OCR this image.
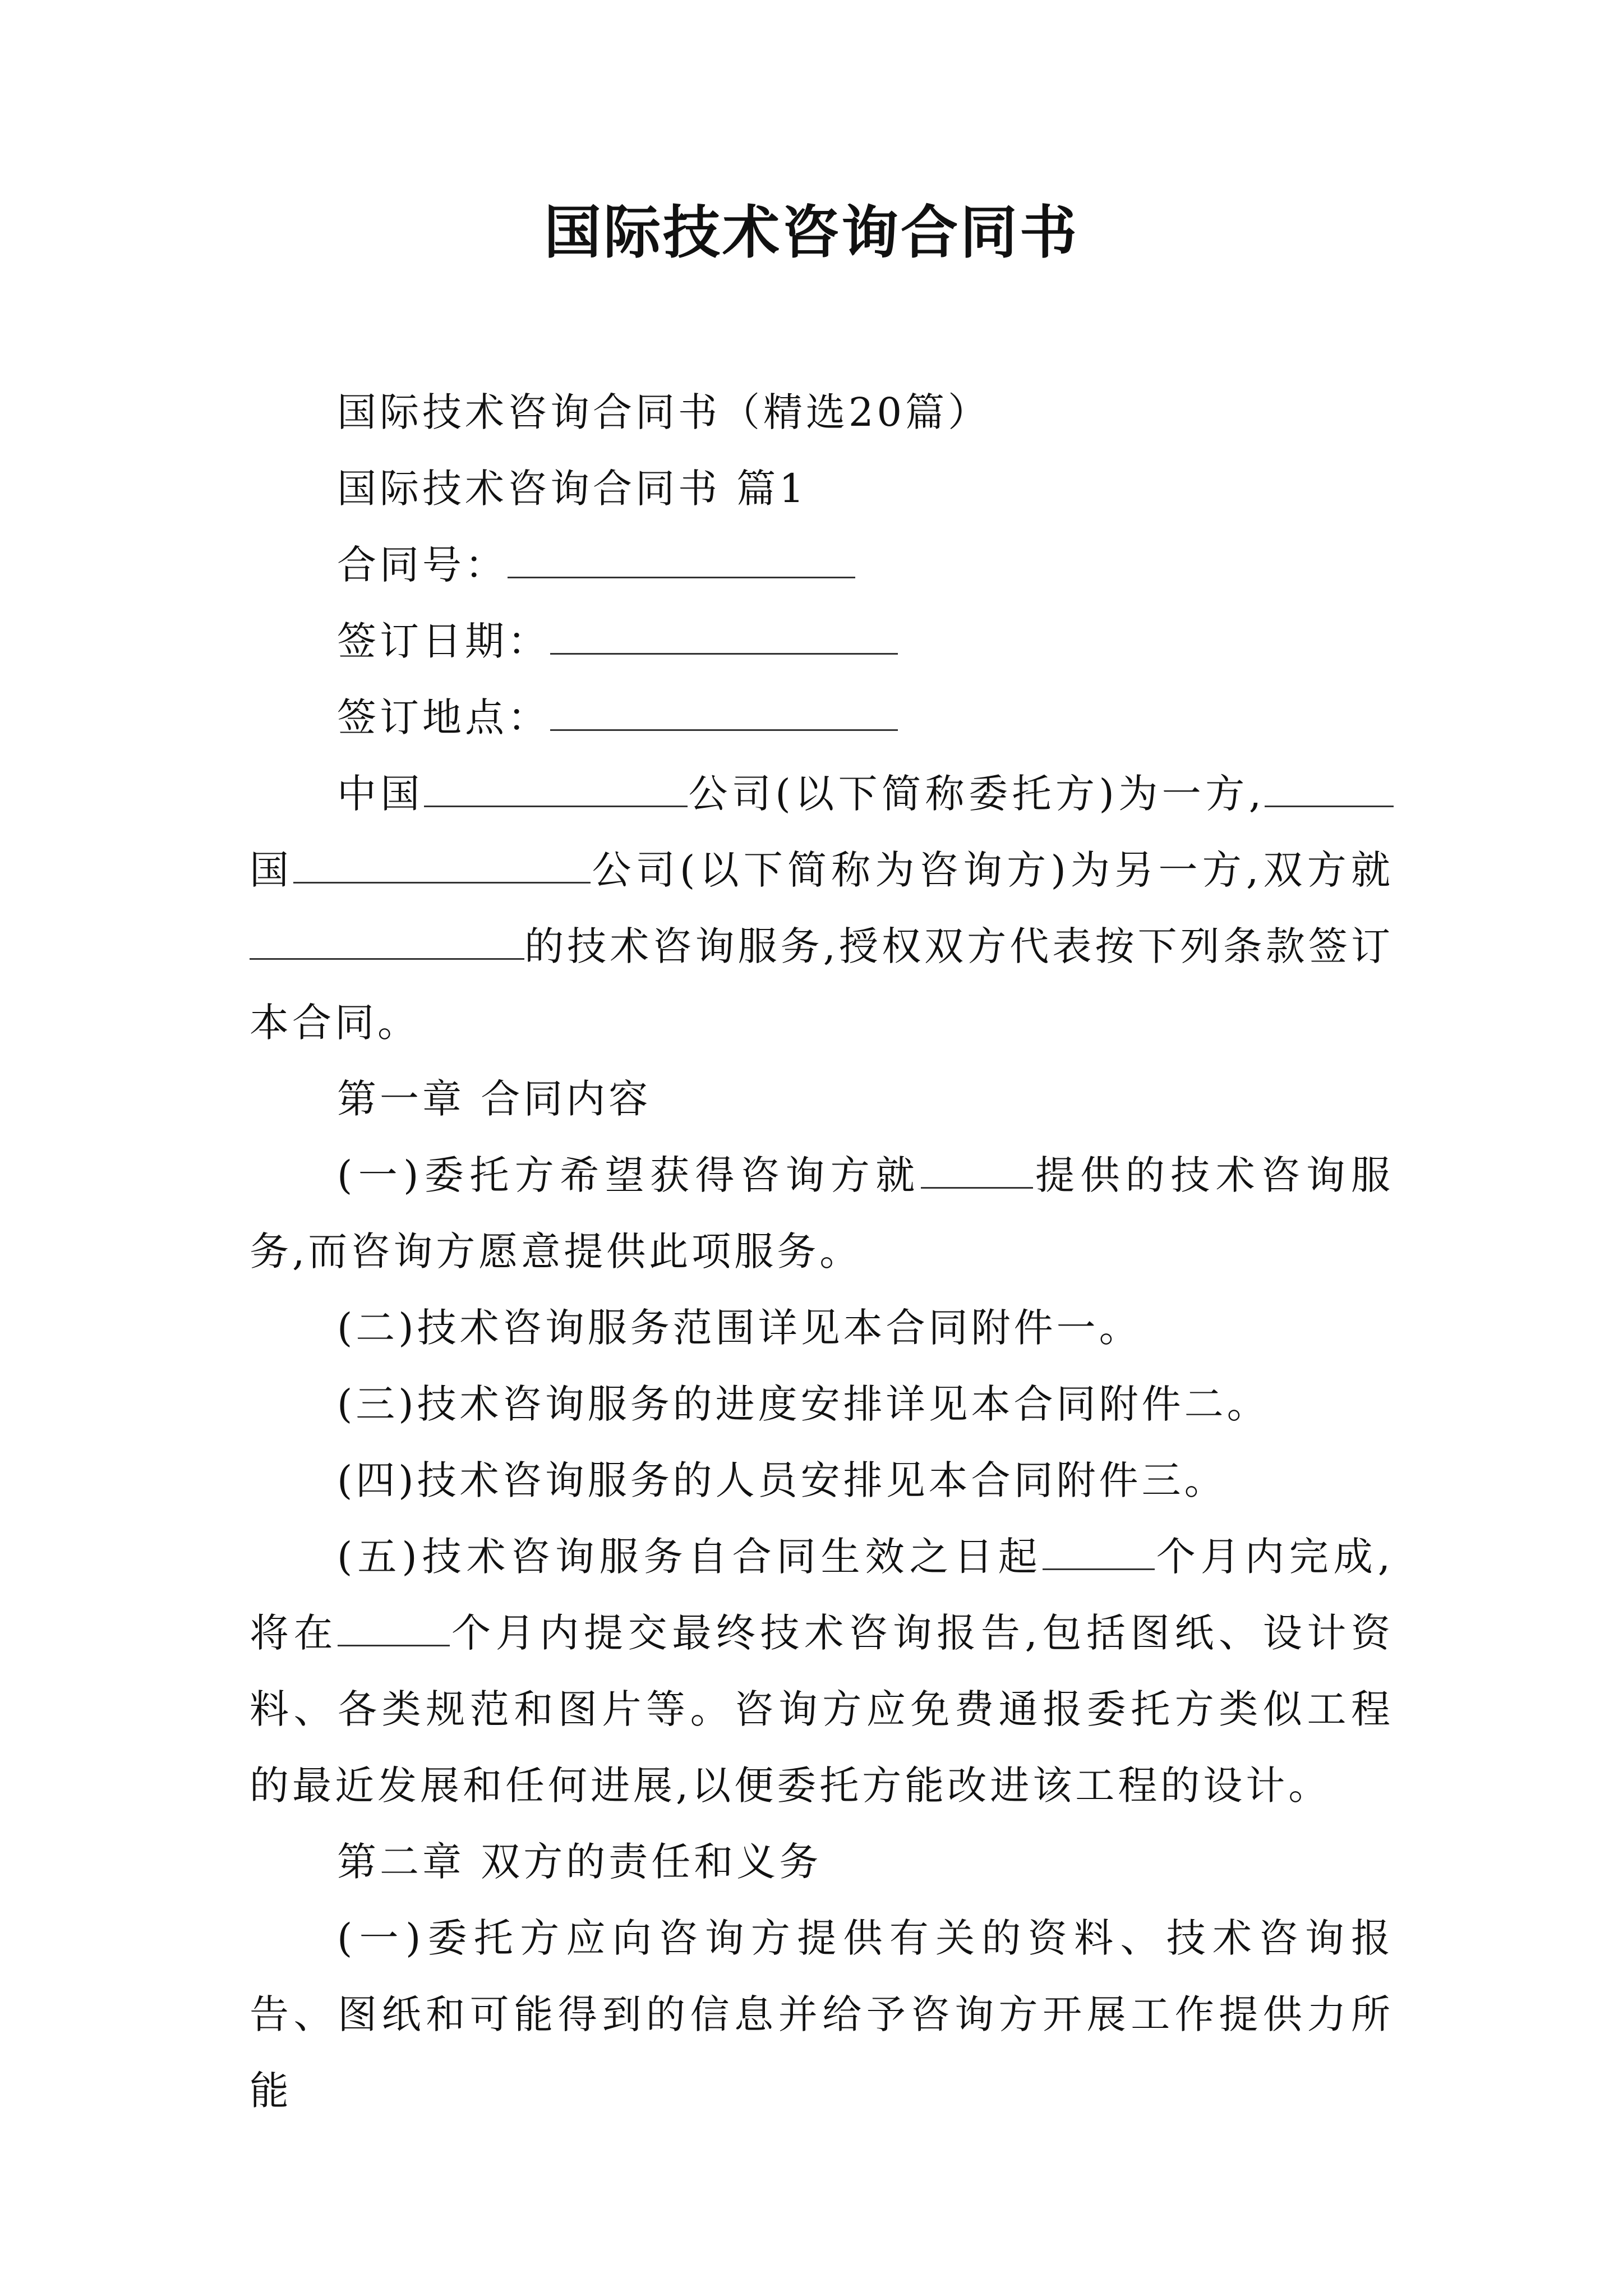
国际技术咨询合同书

国际技术咨询合同书（精选20篇）

国际技术咨询合同书 篇1

合同号：

签订日期：

签订地点：

中国	公司(以下简称委托方)为一方,国	公司(以下简称为咨询方)为另一方,双方就的技术咨询服务,授权双方代表按下列条款签订本合同。

第一章 合同内容

(一)委托方希望获得咨询方就	提供的技术咨询服务,而咨询方愿意提供此项服务。

(二)技术咨询服务范围详见本合同附件一。

(三)技术咨询服务的进度安排详见本合同附件二。

(四)技术咨询服务的人员安排见本合同附件三。

(五)技术咨询服务自合同生效之日起	个月内完成,将在	个月内提交最终技术咨询报告,包括图纸、设计资料、各类规范和图片等。咨询方应免费通报委托方类似工程的最近发展和任何进展,以便委托方能改进该工程的设计。

第二章 双方的责任和义务

(一)委托方应向咨询方提供有关的资料、技术咨询报告、图纸和可能得到的信息并给予咨询方开展工作提供力所能
